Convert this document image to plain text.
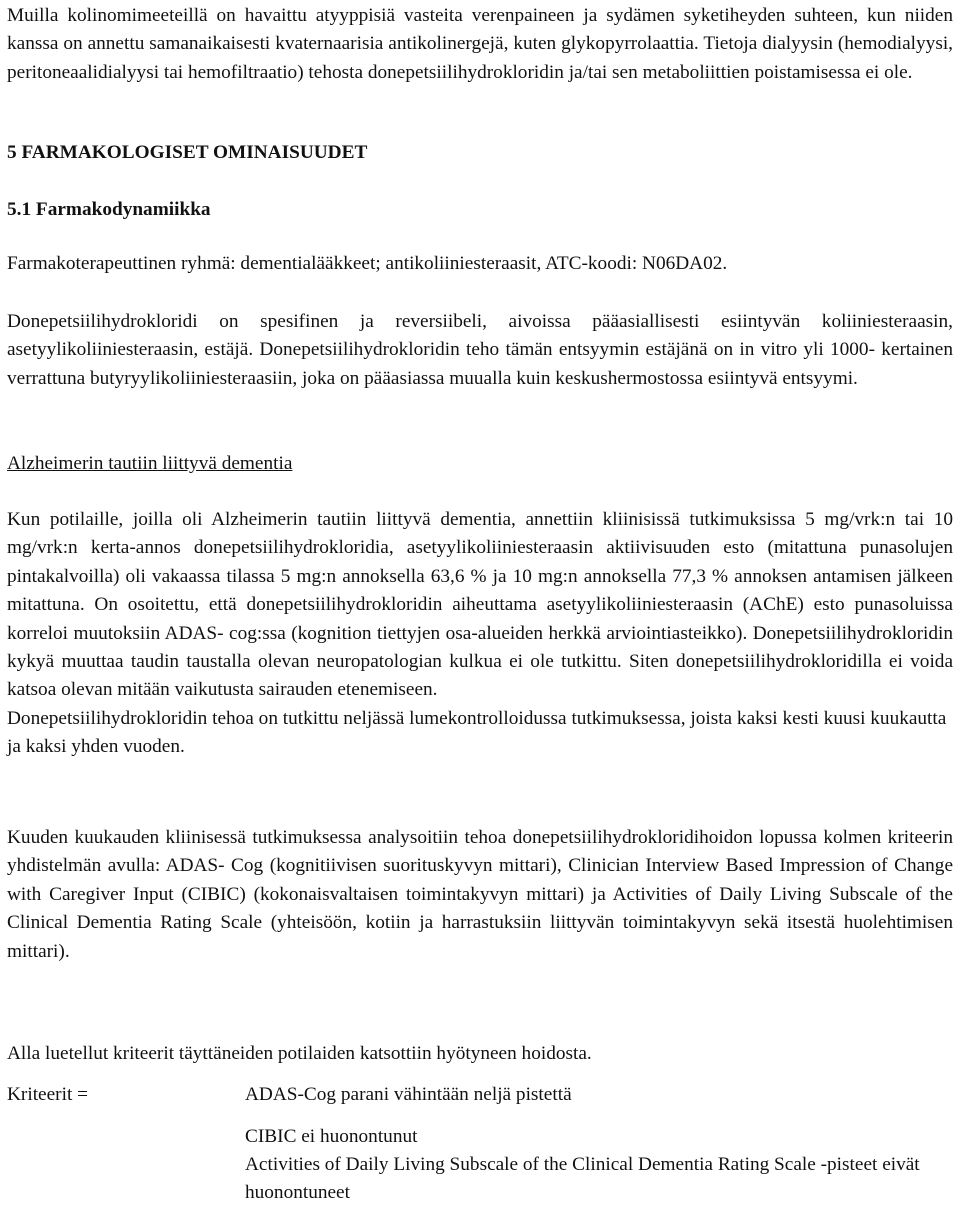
Muilla kolinomimeeteillä on havaittu atyyppisiä vasteita verenpaineen ja sydämen syketiheyden suhteen, kun niiden kanssa on annettu samanaikaisesti kvaternaarisia antikolinergejä, kuten glykopyrrolaattia. Tietoja dialyysin (hemodialyysi, peritoneaalidialyysi tai hemofiltraatio) tehosta donepetsiilihydrokloridin ja/tai sen metaboliittien poistamisessa ei ole.

5 FARMAKOLOGISET OMINAISUUDET

5.1 Farmakodynamiikka

Farmakoterapeuttinen ryhmä: dementialääkkeet; antikoliiniesteraasit, ATC-koodi: N06DA02.

Donepetsiilihydrokloridi on spesifinen ja reversiibeli, aivoissa pääasiallisesti esiintyvän koliiniesteraasin, asetyylikoliiniesteraasin, estäjä. Donepetsiilihydrokloridin teho tämän entsyymin estäjänä on in vitro yli 1000- kertainen verrattuna butyryylikoliiniesteraasiin, joka on pääasiassa muualla kuin keskushermostossa esiintyvä entsyymi.

Alzheimerin tautiin liittyvä dementia

Kun potilaille, joilla oli Alzheimerin tautiin liittyvä dementia, annettiin kliinisissä tutkimuksissa 5 mg/vrk:n tai 10 mg/vrk:n kerta-annos donepetsiilihydrokloridia, asetyylikoliiniesteraasin aktiivisuuden esto (mitattuna punasolujen pintakalvoilla) oli vakaassa tilassa 5 mg:n annoksella 63,6 % ja 10 mg:n annoksella 77,3 % annoksen antamisen jälkeen mitattuna. On osoitettu, että donepetsiilihydrokloridin aiheuttama asetyylikoliiniesteraasin (AChE) esto punasoluissa korreloi muutoksiin ADAS- cog:ssa (kognition tiettyjen osa-alueiden herkkä arviointiasteikko). Donepetsiilihydrokloridin kykyä muuttaa taudin taustalla olevan neuropatologian kulkua ei ole tutkittu. Siten donepetsiilihydrokloridilla ei voida katsoa olevan mitään vaikutusta sairauden etenemiseen.

Donepetsiilihydrokloridin tehoa on tutkittu neljässä lumekontrolloidussa tutkimuksessa, joista kaksi kesti kuusi kuukautta ja kaksi yhden vuoden.

Kuuden kuukauden kliinisessä tutkimuksessa analysoitiin tehoa donepetsiilihydrokloridihoidon lopussa kolmen kriteerin yhdistelmän avulla: ADAS- Cog (kognitiivisen suorituskyvyn mittari), Clinician Interview Based Impression of Change with Caregiver Input (CIBIC) (kokonaisvaltaisen toimintakyvyn mittari) ja Activities of Daily Living Subscale of the Clinical Dementia Rating Scale (yhteisöön, kotiin ja harrastuksiin liittyvän toimintakyvyn sekä itsestä huolehtimisen mittari).

Alla luetellut kriteerit täyttäneiden potilaiden katsottiin hyötyneen hoidosta.

Kriteerit =	ADAS-Cog parani vähintään neljä pistettä

CIBIC ei huonontunut

Activities of Daily Living Subscale of the Clinical Dementia Rating Scale -pisteet eivät huonontuneet
